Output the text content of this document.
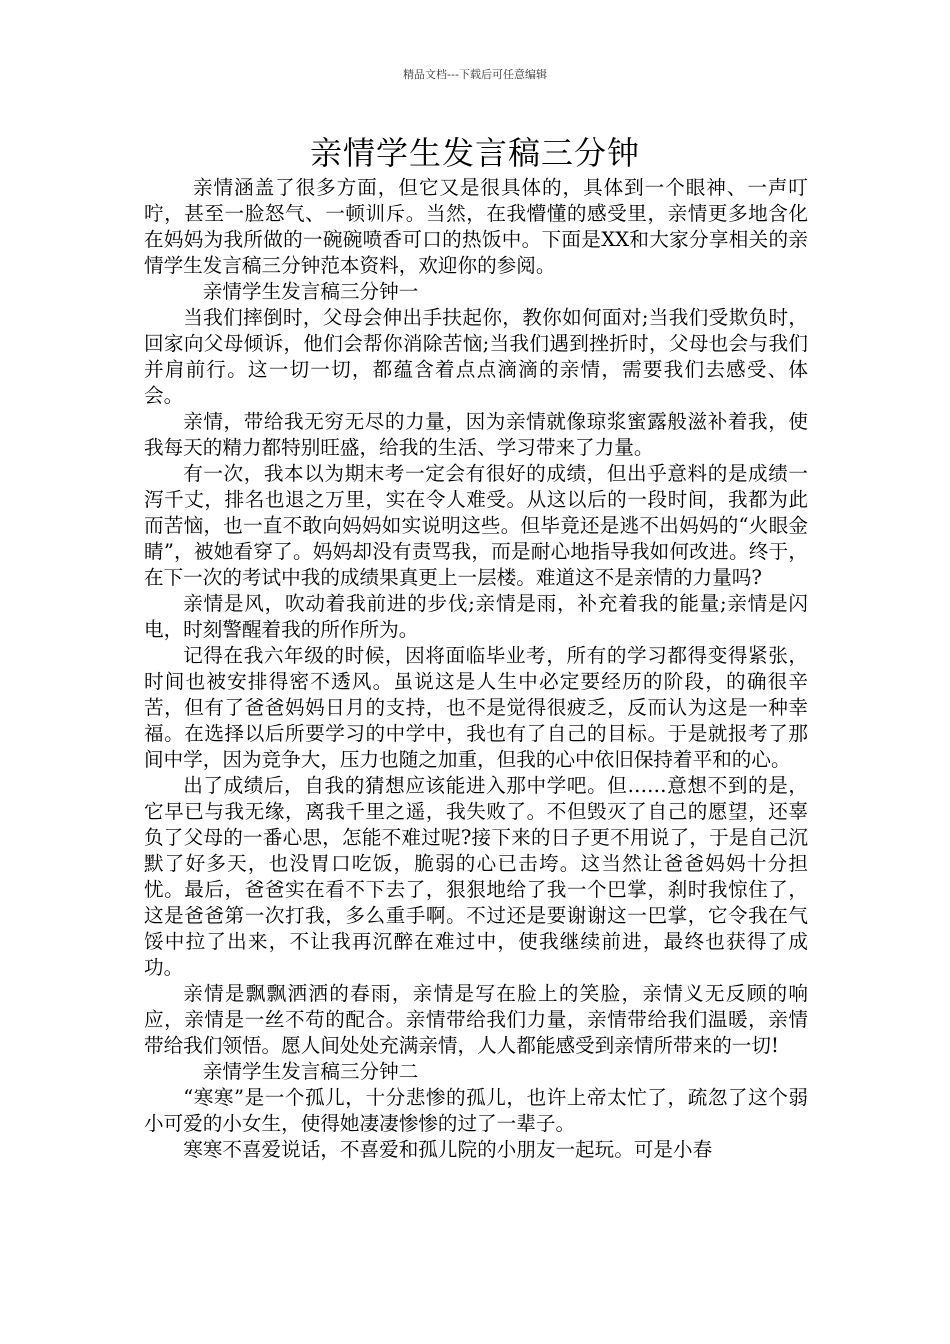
精品文档---下载后可任意编辑
亲情学生发言稿三分钟

亲情涵盖了很多方面，但它又是很具体的，具体到一个眼神、一声叮咛，甚至一脸怒气、一顿训斥。当然，在我懵懂的感受里，亲情更多地含化在妈妈为我所做的一碗碗喷香可口的热饭中。下面是XX和大家分享相关的亲情学生发言稿三分钟范本资料，欢迎你的参阅。

亲情学生发言稿三分钟一

当我们摔倒时，父母会伸出手扶起你，教你如何面对;当我们受欺负时，回家向父母倾诉，他们会帮你消除苦恼;当我们遇到挫折时，父母也会与我们并肩前行。这一切一切，都蕴含着点点滴滴的亲情，需要我们去感受、体会。

亲情，带给我无穷无尽的力量，因为亲情就像琼浆蜜露般滋补着我，使我每天的精力都特别旺盛，给我的生活、学习带来了力量。

有一次，我本以为期末考一定会有很好的成绩，但出乎意料的是成绩一泻千丈，排名也退之万里，实在令人难受。从这以后的一段时间，我都为此而苦恼，也一直不敢向妈妈如实说明这些。但毕竟还是逃不出妈妈的“火眼金睛”，被她看穿了。妈妈却没有责骂我，而是耐心地指导我如何改进。终于，在下一次的考试中我的成绩果真更上一层楼。难道这不是亲情的力量吗?

亲情是风，吹动着我前进的步伐;亲情是雨，补充着我的能量;亲情是闪电，时刻警醒着我的所作所为。

记得在我六年级的时候，因将面临毕业考，所有的学习都得变得紧张，时间也被安排得密不透风。虽说这是人生中必定要经历的阶段，的确很辛苦，但有了爸爸妈妈日月的支持，也不是觉得很疲乏，反而认为这是一种幸福。在选择以后所要学习的中学中，我也有了自己的目标。于是就报考了那间中学，因为竞争大，压力也随之加重，但我的心中依旧保持着平和的心。

出了成绩后，自我的猜想应该能进入那中学吧。但……意想不到的是，它早已与我无缘，离我千里之遥，我失败了。不但毁灭了自己的愿望，还辜负了父母的一番心思，怎能不难过呢?接下来的日子更不用说了，于是自己沉默了好多天，也没胃口吃饭，脆弱的心已击垮。这当然让爸爸妈妈十分担忧。最后，爸爸实在看不下去了，狠狠地给了我一个巴掌，刹时我惊住了，这是爸爸第一次打我，多么重手啊。不过还是要谢谢这一巴掌，它令我在气馁中拉了出来，不让我再沉醉在难过中，使我继续前进，最终也获得了成功。

亲情是飘飘洒洒的春雨，亲情是写在脸上的笑脸，亲情义无反顾的响应，亲情是一丝不苟的配合。亲情带给我们力量，亲情带给我们温暖，亲情带给我们领悟。愿人间处处充满亲情，人人都能感受到亲情所带来的一切!

亲情学生发言稿三分钟二

“寒寒”是一个孤儿，十分悲惨的孤儿，也许上帝太忙了，疏忽了这个弱小可爱的小女生，使得她凄凄惨惨的过了一辈子。

寒寒不喜爱说话，不喜爱和孤儿院的小朋友一起玩。可是小春
